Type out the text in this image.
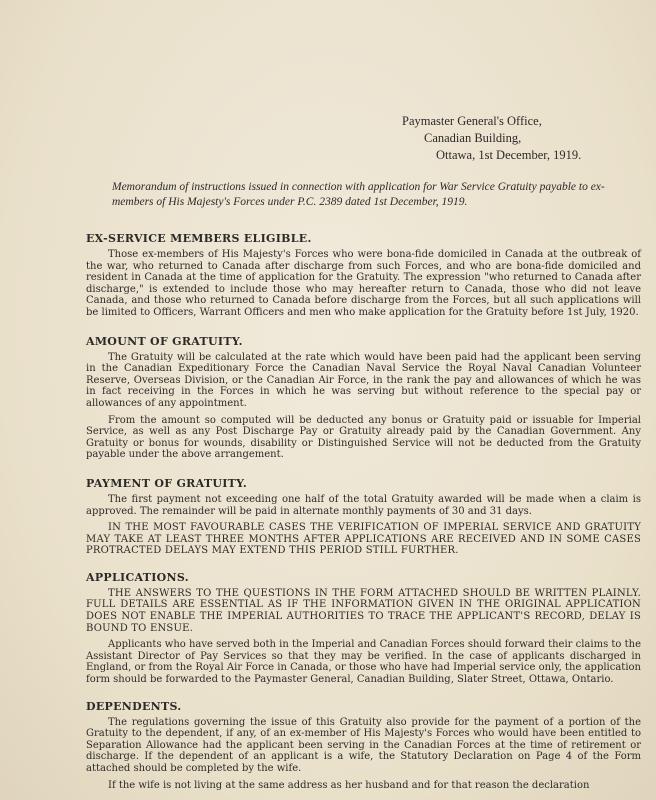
Paymaster General's Office,
Canadian Building,
Ottawa, 1st December, 1919.
Memorandum of instructions issued in connection with application for War Service Gratuity payable to ex-members of His Majesty's Forces under P.C. 2389 dated 1st December, 1919.
EX-SERVICE MEMBERS ELIGIBLE.

Those ex-members of His Majesty's Forces who were bona-fide domiciled in Canada at the outbreak of the war, who returned to Canada after discharge from such Forces, and who are bona-fide domiciled and resident in Canada at the time of application for the Gratuity. The expression "who returned to Canada after discharge," is extended to include those who may hereafter return to Canada, those who did not leave Canada, and those who returned to Canada before discharge from the Forces, but all such applications will be limited to Officers, Warrant Officers and men who make application for the Gratuity before 1st July, 1920.

AMOUNT OF GRATUITY.

The Gratuity will be calculated at the rate which would have been paid had the applicant been serving in the Canadian Expeditionary Force the Canadian Naval Service the Royal Naval Canadian Volunteer Reserve, Overseas Division, or the Canadian Air Force, in the rank the pay and allowances of which he was in fact receiving in the Forces in which he was serving but without reference to the special pay or allowances of any appointment.

From the amount so computed will be deducted any bonus or Gratuity paid or issuable for Imperial Service, as well as any Post Discharge Pay or Gratuity already paid by the Canadian Government. Any Gratuity or bonus for wounds, disability or Distinguished Service will not be deducted from the Gratuity payable under the above arrangement.

PAYMENT OF GRATUITY.

The first payment not exceeding one half of the total Gratuity awarded will be made when a claim is approved. The remainder will be paid in alternate monthly payments of 30 and 31 days.

IN THE MOST FAVOURABLE CASES THE VERIFICATION OF IMPERIAL SERVICE AND GRATUITY MAY TAKE AT LEAST THREE MONTHS AFTER APPLICATIONS ARE RECEIVED AND IN SOME CASES PROTRACTED DELAYS MAY EXTEND THIS PERIOD STILL FURTHER.

APPLICATIONS.

THE ANSWERS TO THE QUESTIONS IN THE FORM ATTACHED SHOULD BE WRITTEN PLAINLY. FULL DETAILS ARE ESSENTIAL AS IF THE INFORMATION GIVEN IN THE ORIGINAL APPLICATION DOES NOT ENABLE THE IMPERIAL AUTHORITIES TO TRACE THE APPLICANT'S RECORD, DELAY IS BOUND TO ENSUE.

Applicants who have served both in the Imperial and Canadian Forces should forward their claims to the Assistant Director of Pay Services so that they may be verified. In the case of applicants discharged in England, or from the Royal Air Force in Canada, or those who have had Imperial service only, the application form should be forwarded to the Paymaster General, Canadian Building, Slater Street, Ottawa, Ontario.

DEPENDENTS.

The regulations governing the issue of this Gratuity also provide for the payment of a portion of the Gratuity to the dependent, if any, of an ex-member of His Majesty's Forces who would have been entitled to Separation Allowance had the applicant been serving in the Canadian Forces at the time of retirement or discharge. If the dependent of an applicant is a wife, the Statutory Declaration on Page 4 of the Form attached should be completed by the wife.

If the wife is not living at the same address as her husband and for that reason the declaration
